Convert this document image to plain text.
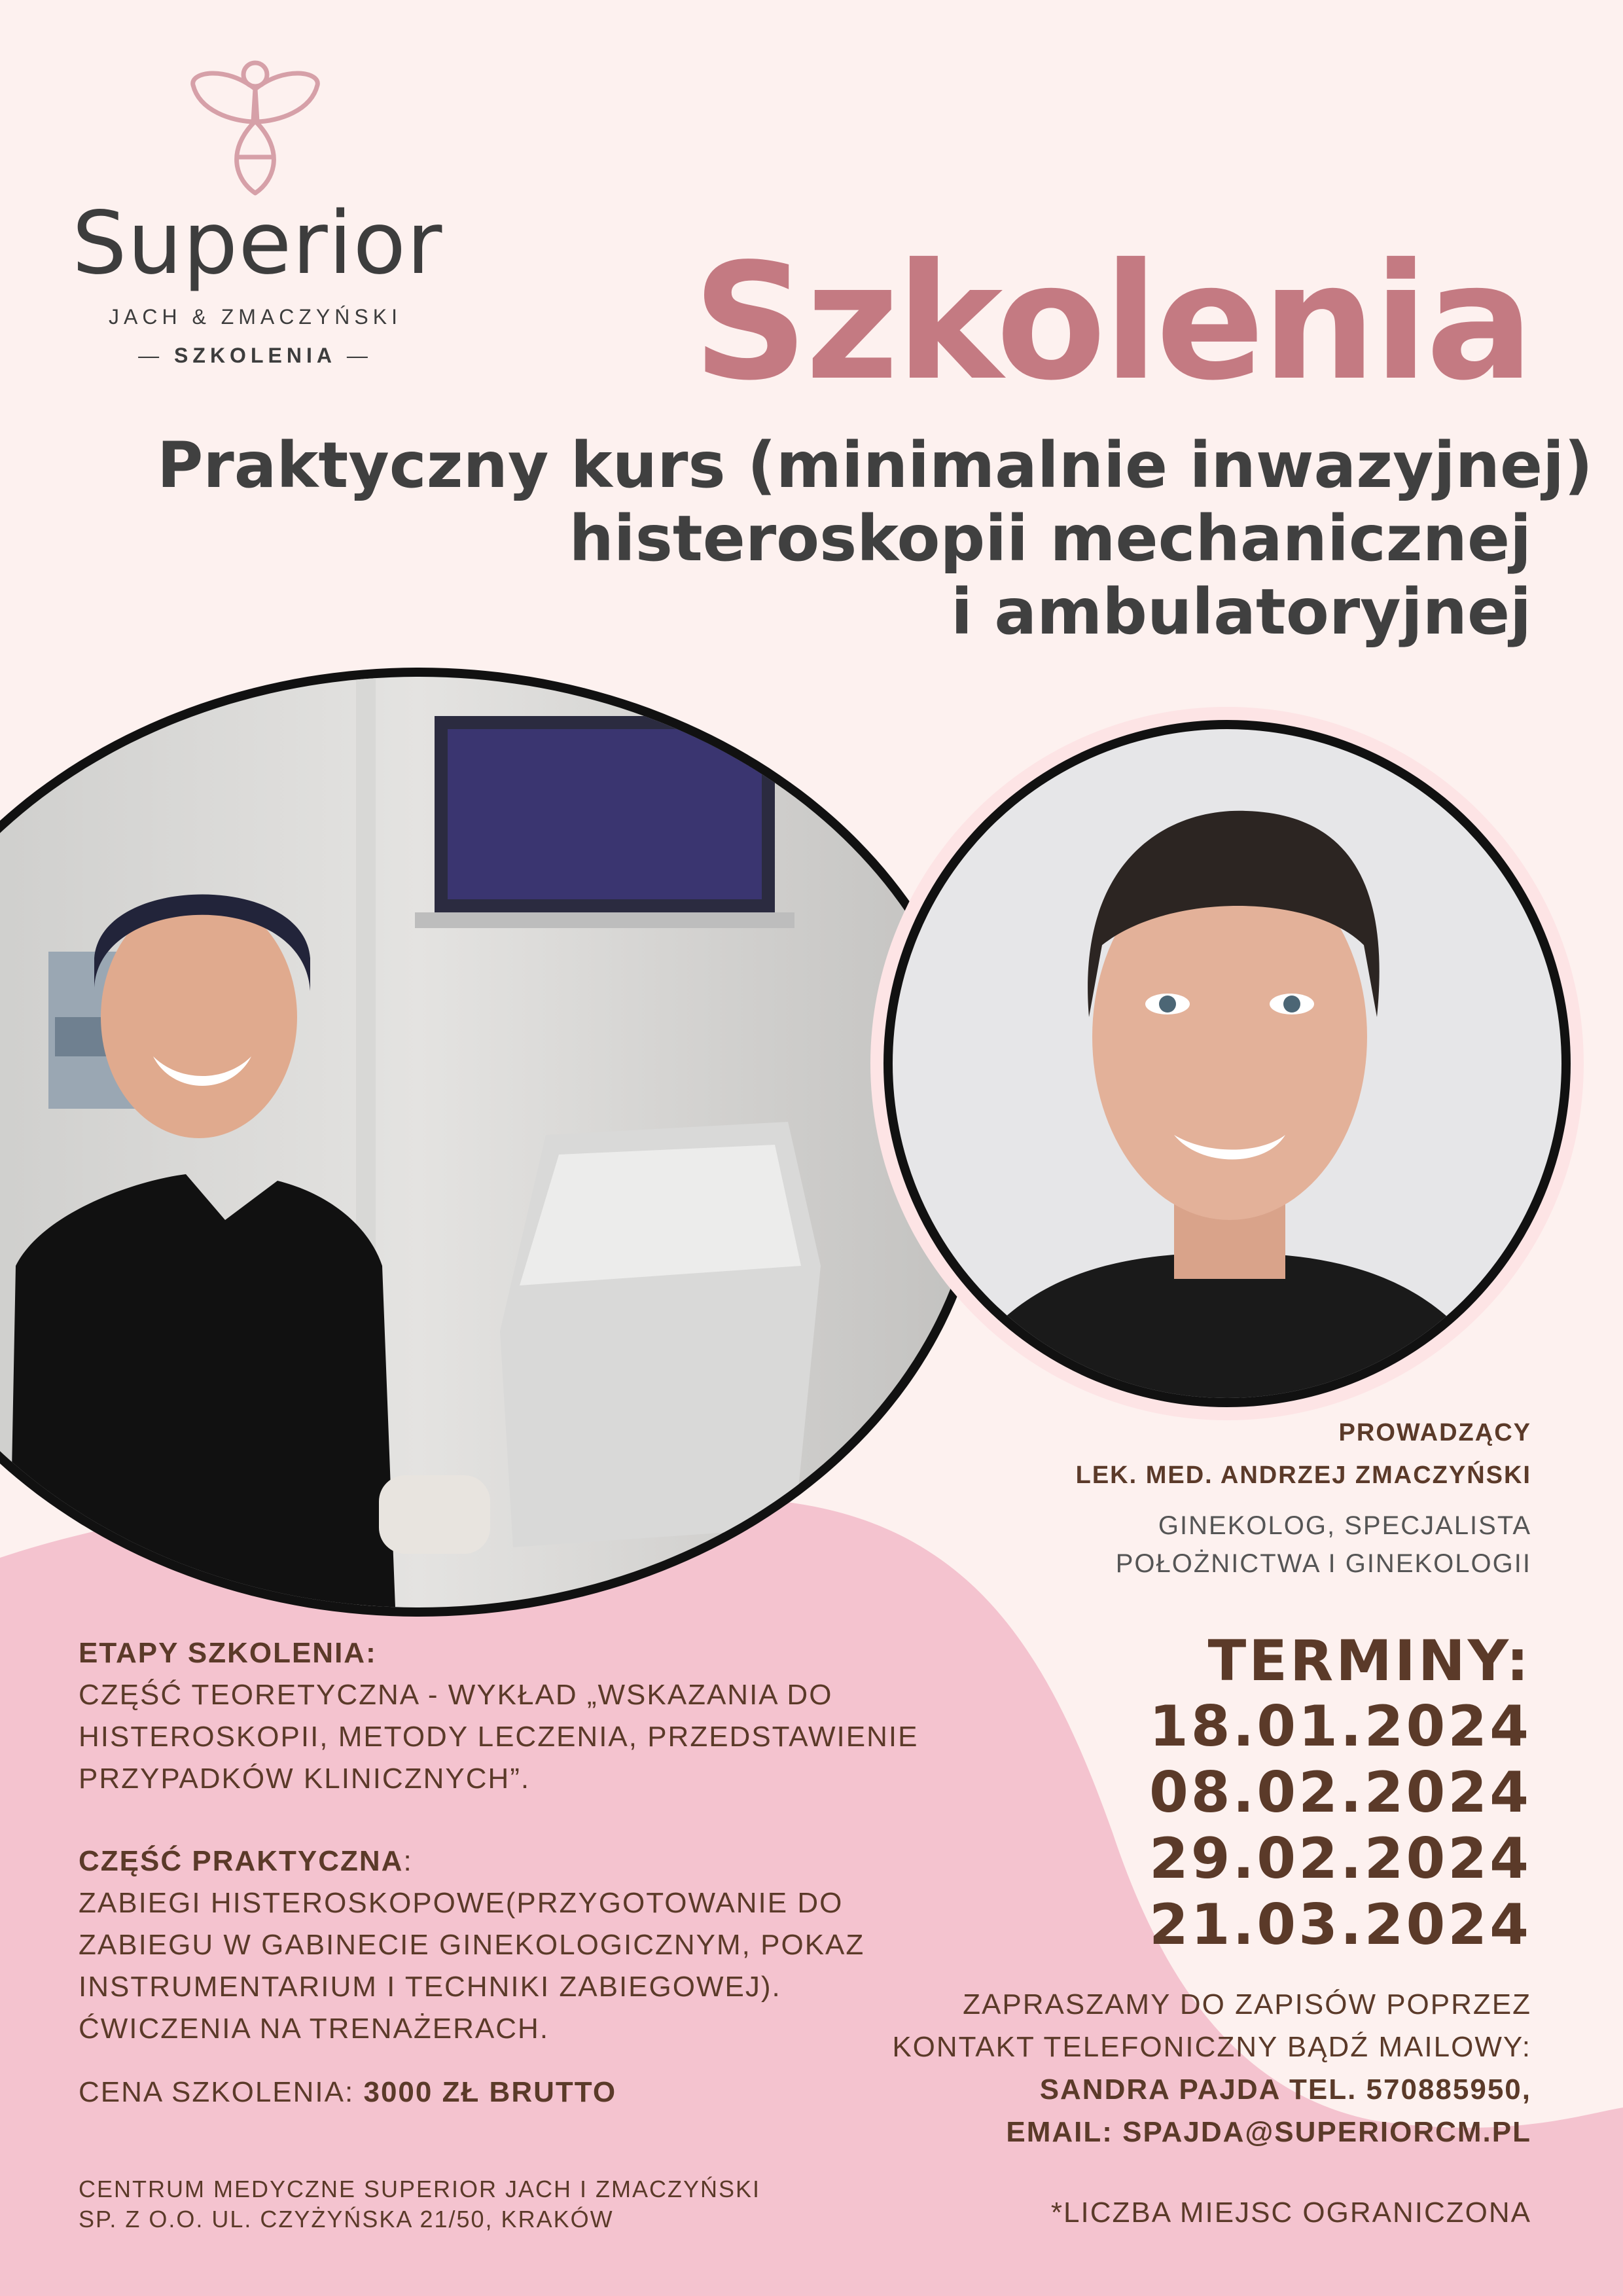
Superior
JACH & ZMACZYŃSKI
— SZKOLENIA —	Szkolenia
Praktyczny kurs (minimalnie inwazyjnej)
histeroskopii mechanicznej
i ambulatoryjnej
PROWADZĄCY
LEK. MED. ANDRZEJ ZMACZYŃSKI
GINEKOLOG, SPECJALISTA
POŁOŻNICTWA I GINEKOLOGII
ETAPY SZKOLENIA:
CZĘŚĆ TEORETYCZNA - WYKŁAD „WSKAZANIA DO
HISTEROSKOPII, METODY LECZENIA, PRZEDSTAWIENIE
PRZYPADKÓW KLINICZNYCH”.
CZĘŚĆ PRAKTYCZNA:
ZABIEGI HISTEROSKOPOWE(PRZYGOTOWANIE DO
ZABIEGU W GABINECIE GINEKOLOGICZNYM, POKAZ
INSTRUMENTARIUM I TECHNIKI ZABIEGOWEJ).
ĆWICZENIA NA TRENAŻERACH.
CENA SZKOLENIA: 3000 ZŁ BRUTTO
CENTRUM MEDYCZNE SUPERIOR JACH I ZMACZYŃSKI
SP. Z O.O. UL. CZYŻYŃSKA 21/50, KRAKÓW
TERMINY:
18.01.2024
08.02.2024
29.02.2024
21.03.2024
ZAPRASZAMY DO ZAPISÓW POPRZEZ
KONTAKT TELEFONICZNY BĄDŹ MAILOWY:
SANDRA PAJDA TEL. 570885950,
EMAIL: SPAJDA@SUPERIORCM.PL
*LICZBA MIEJSC OGRANICZONA
